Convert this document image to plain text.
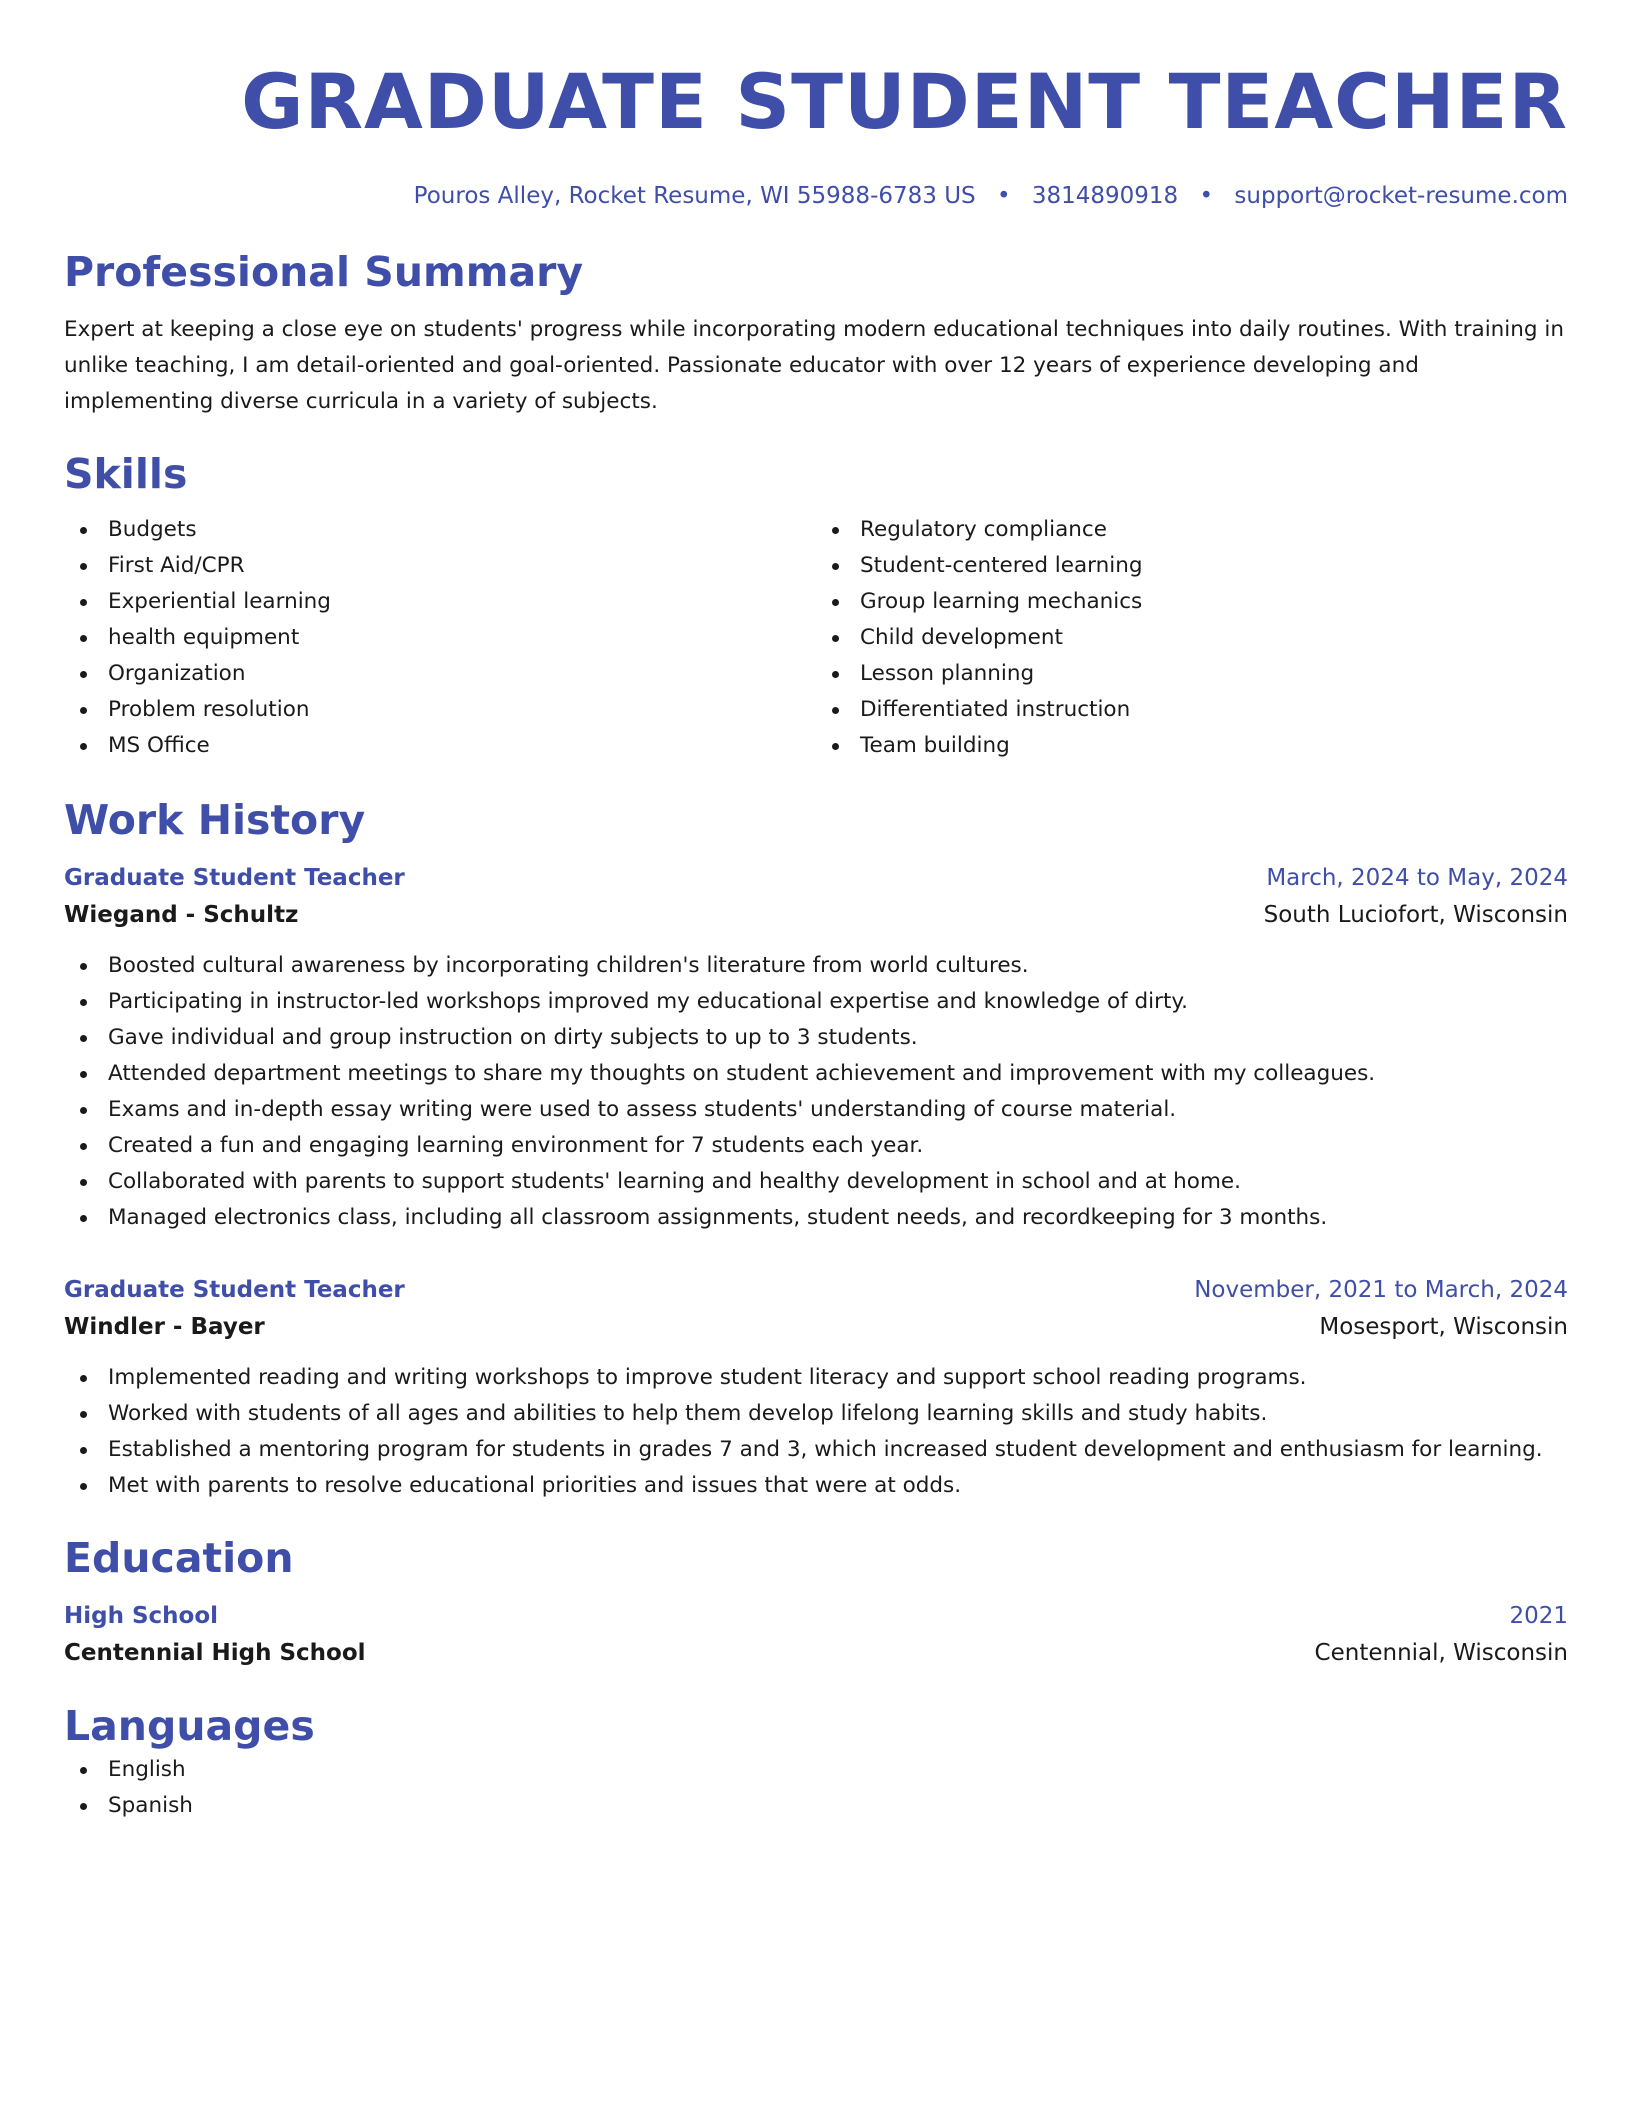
GRADUATE STUDENT TEACHER
Pouros Alley, Rocket Resume, WI 55988-6783 US • 3814890918 • support@rocket-resume.com
Professional Summary
Expert at keeping a close eye on students' progress while incorporating modern educational techniques into daily routines. With training in unlike teaching, I am detail-oriented and goal-oriented. Passionate educator with over 12 years of experience developing and implementing diverse curricula in a variety of subjects.
Skills
Budgets
First Aid/CPR
Experiential learning
health equipment
Organization
Problem resolution
MS Office
Regulatory compliance
Student-centered learning
Group learning mechanics
Child development
Lesson planning
Differentiated instruction
Team building
Work History
Graduate Student Teacher	March, 2024 to May, 2024
Wiegand - Schultz	South Luciofort, Wisconsin
Boosted cultural awareness by incorporating children's literature from world cultures.
Participating in instructor-led workshops improved my educational expertise and knowledge of dirty.
Gave individual and group instruction on dirty subjects to up to 3 students.
Attended department meetings to share my thoughts on student achievement and improvement with my colleagues.
Exams and in-depth essay writing were used to assess students' understanding of course material.
Created a fun and engaging learning environment for 7 students each year.
Collaborated with parents to support students' learning and healthy development in school and at home.
Managed electronics class, including all classroom assignments, student needs, and recordkeeping for 3 months.
Graduate Student Teacher	November, 2021 to March, 2024
Windler - Bayer	Mosesport, Wisconsin
Implemented reading and writing workshops to improve student literacy and support school reading programs.
Worked with students of all ages and abilities to help them develop lifelong learning skills and study habits.
Established a mentoring program for students in grades 7 and 3, which increased student development and enthusiasm for learning.
Met with parents to resolve educational priorities and issues that were at odds.
Education
High School	2021
Centennial High School	Centennial, Wisconsin
Languages
English
Spanish
